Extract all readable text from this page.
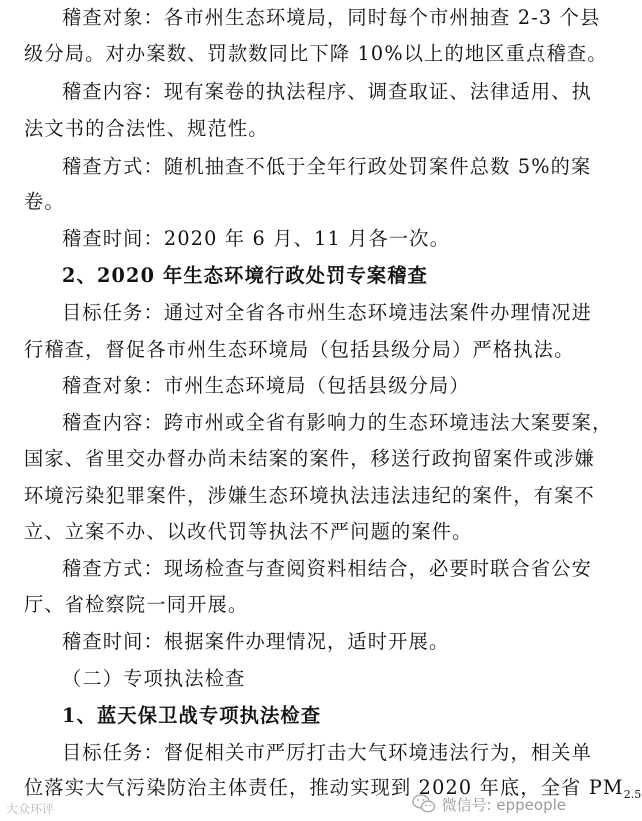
稽查对象：各市州生态环境局，同时每个市州抽查 2-3 个县
级分局。对办案数、罚款数同比下降 10%以上的地区重点稽查。
稽查内容：现有案卷的执法程序、调查取证、法律适用、执
法文书的合法性、规范性。
稽查方式：随机抽查不低于全年行政处罚案件总数 5%的案
卷。
稽查时间：2020 年 6 月、11 月各一次。
2、2020 年生态环境行政处罚专案稽查
目标任务：通过对全省各市州生态环境违法案件办理情况进
行稽查，督促各市州生态环境局（包括县级分局）严格执法。
稽查对象：市州生态环境局（包括县级分局）
稽查内容：跨市州或全省有影响力的生态环境违法大案要案，
国家、省里交办督办尚未结案的案件，移送行政拘留案件或涉嫌
环境污染犯罪案件，涉嫌生态环境执法违法违纪的案件，有案不
立、立案不办、以改代罚等执法不严问题的案件。
稽查方式：现场检查与查阅资料相结合，必要时联合省公安
厅、省检察院一同开展。
稽查时间：根据案件办理情况，适时开展。
（二）专项执法检查
1、蓝天保卫战专项执法检查
目标任务：督促相关市严厉打击大气环境违法行为，相关单
位落实大气污染防治主体责任，推动实现到 2020 年底，全省 $PM_{2.5}$
大众环评	微信号: eppeople
